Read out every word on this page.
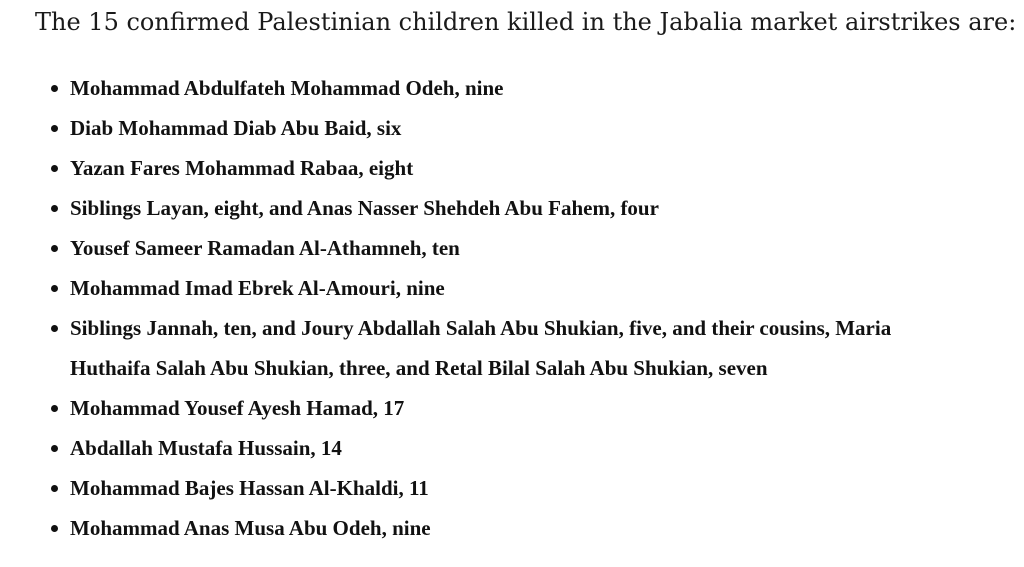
The 15 confirmed Palestinian children killed in the Jabalia market airstrikes are:

Mohammad Abdulfateh Mohammad Odeh, nine
Diab Mohammad Diab Abu Baid, six
Yazan Fares Mohammad Rabaa, eight
Siblings Layan, eight, and Anas Nasser Shehdeh Abu Fahem, four
Yousef Sameer Ramadan Al-Athamneh, ten
Mohammad Imad Ebrek Al-Amouri, nine
Siblings Jannah, ten, and Joury Abdallah Salah Abu Shukian, five, and their cousins, Maria Huthaifa Salah Abu Shukian, three, and Retal Bilal Salah Abu Shukian, seven
Mohammad Yousef Ayesh Hamad, 17
Abdallah Mustafa Hussain, 14
Mohammad Bajes Hassan Al-Khaldi, 11
Mohammad Anas Musa Abu Odeh, nine
